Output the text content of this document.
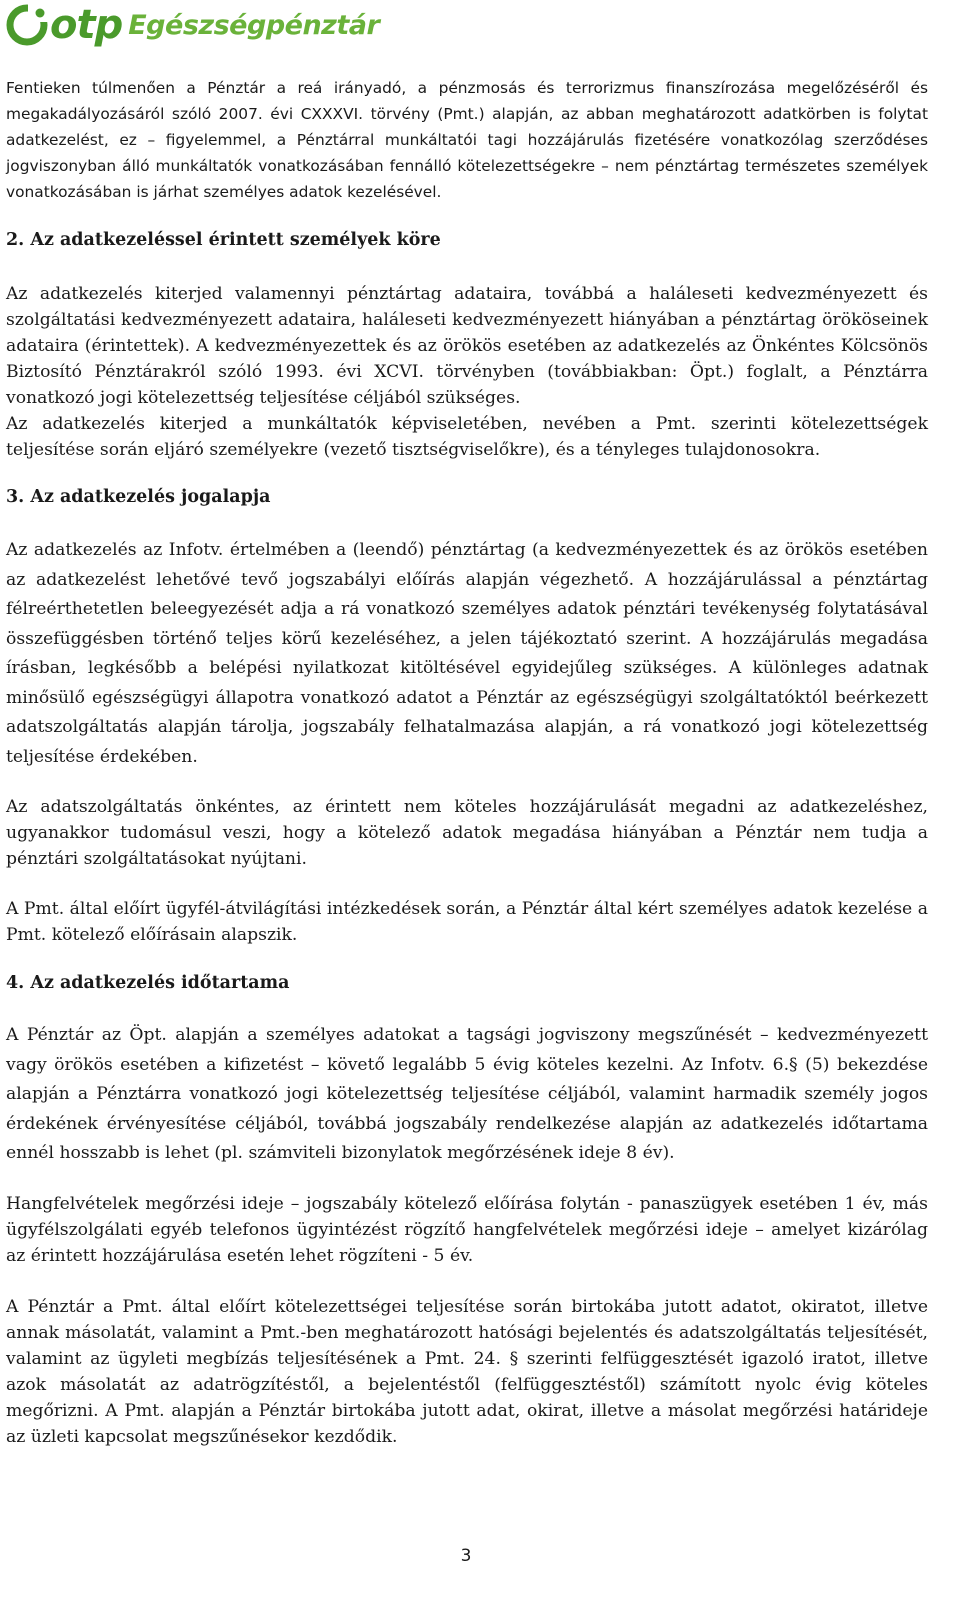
otp Egészségpénztár

Fentieken túlmenően a Pénztár a reá irányadó, a pénzmosás és terrorizmus finanszírozása megelőzéséről és megakadályozásáról szóló 2007. évi CXXXVI. törvény (Pmt.) alapján, az abban meghatározott adatkörben is folytat adatkezelést, ez – figyelemmel, a Pénztárral munkáltatói tagi hozzájárulás fizetésére vonatkozólag szerződéses jogviszonyban álló munkáltatók vonatkozásában fennálló kötelezettségekre – nem pénztártag természetes személyek vonatkozásában is járhat személyes adatok kezelésével.

2. Az adatkezeléssel érintett személyek köre

Az adatkezelés kiterjed valamennyi pénztártag adataira, továbbá a haláleseti kedvezményezett és szolgáltatási kedvezményezett adataira, haláleseti kedvezményezett hiányában a pénztártag örököseinek adataira (érintettek). A kedvezményezettek és az örökös esetében az adatkezelés az Önkéntes Kölcsönös Biztosító Pénztárakról szóló 1993. évi XCVI. törvényben (továbbiakban: Öpt.) foglalt, a Pénztárra vonatkozó jogi kötelezettség teljesítése céljából szükséges.

Az adatkezelés kiterjed a munkáltatók képviseletében, nevében a Pmt. szerinti kötelezettségek teljesítése során eljáró személyekre (vezető tisztségviselőkre), és a tényleges tulajdonosokra.

3. Az adatkezelés jogalapja

Az adatkezelés az Infotv. értelmében a (leendő) pénztártag (a kedvezményezettek és az örökös esetében az adatkezelést lehetővé tevő jogszabályi előírás alapján végezhető. A hozzájárulással a pénztártag félreérthetetlen beleegyezését adja a rá vonatkozó személyes adatok pénztári tevékenység folytatásával összefüggésben történő teljes körű kezeléséhez, a jelen tájékoztató szerint. A hozzájárulás megadása írásban, legkésőbb a belépési nyilatkozat kitöltésével egyidejűleg szükséges. A különleges adatnak minősülő egészségügyi állapotra vonatkozó adatot a Pénztár az egészségügyi szolgáltatóktól beérkezett adatszolgáltatás alapján tárolja, jogszabály felhatalmazása alapján, a rá vonatkozó jogi kötelezettség teljesítése érdekében.

Az adatszolgáltatás önkéntes, az érintett nem köteles hozzájárulását megadni az adatkezeléshez, ugyanakkor tudomásul veszi, hogy a kötelező adatok megadása hiányában a Pénztár nem tudja a pénztári szolgáltatásokat nyújtani.

A Pmt. által előírt ügyfél-átvilágítási intézkedések során, a Pénztár által kért személyes adatok kezelése a Pmt. kötelező előírásain alapszik.

4. Az adatkezelés időtartama

A Pénztár az Öpt. alapján a személyes adatokat a tagsági jogviszony megszűnését – kedvezményezett vagy örökös esetében a kifizetést – követő legalább 5 évig köteles kezelni. Az Infotv. 6.§ (5) bekezdése alapján a Pénztárra vonatkozó jogi kötelezettség teljesítése céljából, valamint harmadik személy jogos érdekének érvényesítése céljából, továbbá jogszabály rendelkezése alapján az adatkezelés időtartama ennél hosszabb is lehet (pl. számviteli bizonylatok megőrzésének ideje 8 év).

Hangfelvételek megőrzési ideje – jogszabály kötelező előírása folytán - panaszügyek esetében 1 év, más ügyfélszolgálati egyéb telefonos ügyintézést rögzítő hangfelvételek megőrzési ideje – amelyet kizárólag az érintett hozzájárulása esetén lehet rögzíteni - 5 év.

A Pénztár a Pmt. által előírt kötelezettségei teljesítése során birtokába jutott adatot, okiratot, illetve annak másolatát, valamint a Pmt.-ben meghatározott hatósági bejelentés és adatszolgáltatás teljesítését, valamint az ügyleti megbízás teljesítésének a Pmt. 24. § szerinti felfüggesztését igazoló iratot, illetve azok másolatát az adatrögzítéstől, a bejelentéstől (felfüggesztéstől) számított nyolc évig köteles megőrizni. A Pmt. alapján a Pénztár birtokába jutott adat, okirat, illetve a másolat megőrzési határideje az üzleti kapcsolat megszűnésekor kezdődik.

3
